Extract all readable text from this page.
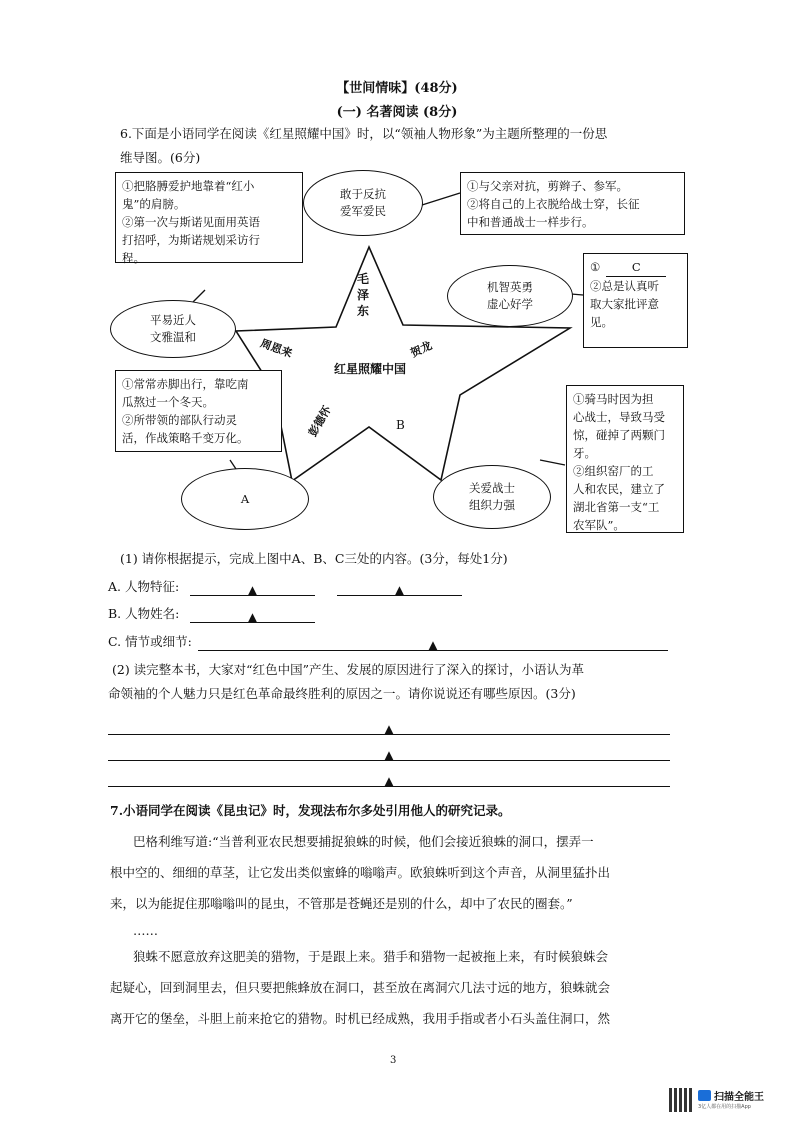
【世间情味】(48分)
(一) 名著阅读 (8分)
6.下面是小语同学在阅读《红星照耀中国》时，以“领袖人物形象”为主题所整理的一份思
维导图。(6分)
毛泽东
红星照耀中国
周恩来	贺龙
彭德怀	B
敢于反抗
爱军爱民
平易近人
文雅温和
机智英勇
虚心好学
A
关爱战士
组织力强

①把胳膊爱护地靠着“红小

鬼”的肩膀。

②第一次与斯诺见面用英语

打招呼，为斯诺规划采访行

程。

①与父亲对抗，剪辫子、参军。

②将自己的上衣脱给战士穿，长征

中和普通战士一样步行。

①	C

②总是认真听

取大家批评意

见。

①常常赤脚出行，靠吃南

瓜熬过一个冬天。

②所带领的部队行动灵

活，作战策略千变万化。

①骑马时因为担

心战士，导致马受

惊，碰掉了两颗门

牙。

②组织窑厂的工

人和农民，建立了

湖北省第一支“工

农军队”。

(1) 请你根据提示，完成上图中A、B、C三处的内容。(3分，每处1分)
A. 人物特征:	▲	▲
B. 人物姓名:	▲
C. 情节或细节:	▲
(2) 读完整本书，大家对“红色中国”产生、发展的原因进行了深入的探讨，小语认为革
命领袖的个人魅力只是红色革命最终胜利的原因之一。请你说说还有哪些原因。(3分)
▲
▲
▲
7.小语同学在阅读《昆虫记》时，发现法布尔多处引用他人的研究记录。
巴格利维写道:“当普利亚农民想要捕捉狼蛛的时候，他们会接近狼蛛的洞口，摆弄一
根中空的、细细的草茎，让它发出类似蜜蜂的嗡嗡声。欧狼蛛听到这个声音，从洞里猛扑出
来，以为能捉住那嗡嗡叫的昆虫，不管那是苍蝇还是别的什么，却中了农民的圈套。”
……
狼蛛不愿意放弃这肥美的猎物，于是跟上来。猎手和猎物一起被拖上来，有时候狼蛛会
起疑心，回到洞里去，但只要把熊蜂放在洞口，甚至放在离洞穴几法寸远的地方，狼蛛就会
离开它的堡垒，斗胆上前来抢它的猎物。时机已经成熟，我用手指或者小石头盖住洞口，然
3
扫描全能王
3亿人都在用的扫描App
